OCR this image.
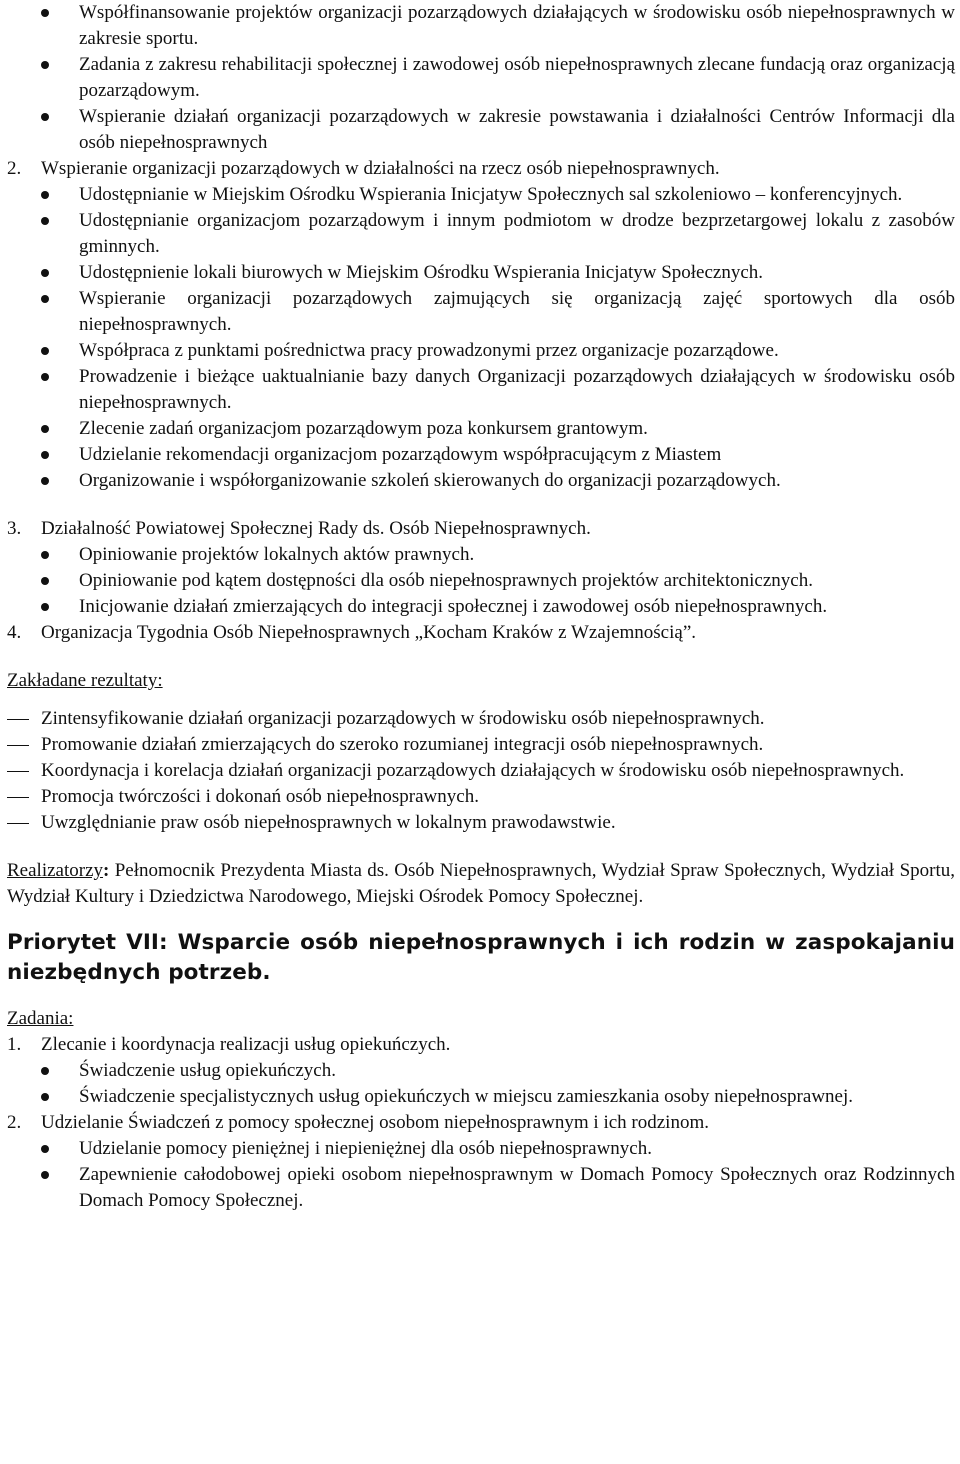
Współfinansowanie projektów organizacji pozarządowych działających w środowisku osób niepełnosprawnych w zakresie sportu.
Zadania z zakresu rehabilitacji społecznej i zawodowej osób niepełnosprawnych zlecane fundacją oraz organizacją pozarządowym.
Wspieranie działań organizacji pozarządowych w zakresie powstawania i działalności Centrów Informacji dla osób niepełnosprawnych
2. Wspieranie organizacji pozarządowych w działalności na rzecz osób niepełnosprawnych.
Udostępnianie w Miejskim Ośrodku Wspierania Inicjatyw Społecznych sal szkoleniowo – konferencyjnych.
Udostępnianie organizacjom pozarządowym i innym podmiotom w drodze bezprzetargowej lokalu z zasobów gminnych.
Udostępnienie lokali biurowych w Miejskim Ośrodku Wspierania Inicjatyw Społecznych.
Wspieranie organizacji pozarządowych zajmujących się organizacją zajęć sportowych dla osób niepełnosprawnych.
Współpraca z punktami pośrednictwa pracy prowadzonymi przez organizacje pozarządowe.
Prowadzenie i bieżące uaktualnianie bazy danych Organizacji pozarządowych działających w środowisku osób niepełnosprawnych.
Zlecenie zadań organizacjom pozarządowym poza konkursem grantowym.
Udzielanie rekomendacji organizacjom pozarządowym współpracującym z Miastem
Organizowanie i współorganizowanie szkoleń skierowanych do organizacji pozarządowych.
3. Działalność Powiatowej Społecznej Rady ds. Osób Niepełnosprawnych.
Opiniowanie projektów lokalnych aktów prawnych.
Opiniowanie pod kątem dostępności dla osób niepełnosprawnych projektów architektonicznych.
Inicjowanie działań zmierzających do integracji społecznej i zawodowej osób niepełnosprawnych.
4. Organizacja Tygodnia Osób Niepełnosprawnych „Kocham Kraków z Wzajemnością”.
Zakładane rezultaty:
Zintensyfikowanie działań organizacji pozarządowych w środowisku osób niepełnosprawnych.
Promowanie działań zmierzających do szeroko rozumianej integracji osób niepełnosprawnych.
Koordynacja i korelacja działań organizacji pozarządowych działających w środowisku osób niepełnosprawnych.
Promocja twórczości i dokonań osób niepełnosprawnych.
Uwzględnianie praw osób niepełnosprawnych w lokalnym prawodawstwie.
Realizatorzy: Pełnomocnik Prezydenta Miasta ds. Osób Niepełnosprawnych, Wydział Spraw Społecznych, Wydział Sportu, Wydział Kultury i Dziedzictwa Narodowego, Miejski Ośrodek Pomocy Społecznej.
Priorytet VII: Wsparcie osób niepełnosprawnych i ich rodzin w zaspokajaniu niezbędnych potrzeb.
Zadania:
1. Zlecanie i koordynacja realizacji usług opiekuńczych.
Świadczenie usług opiekuńczych.
Świadczenie specjalistycznych usług opiekuńczych w miejscu zamieszkania osoby niepełnosprawnej.
2. Udzielanie Świadczeń z pomocy społecznej osobom niepełnosprawnym i ich rodzinom.
Udzielanie pomocy pieniężnej i niepieniężnej dla osób niepełnosprawnych.
Zapewnienie całodobowej opieki osobom niepełnosprawnym w Domach Pomocy Społecznych oraz Rodzinnych Domach Pomocy Społecznej.
